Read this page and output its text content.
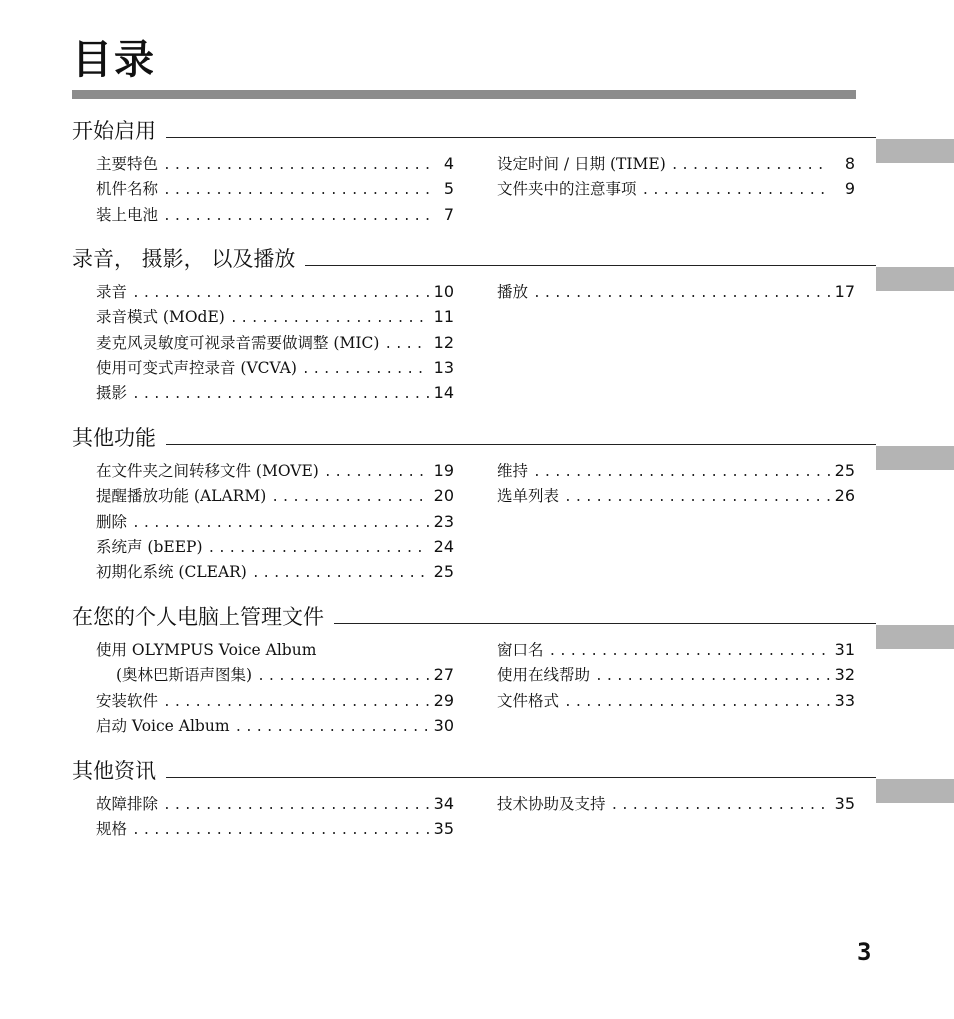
目录
开始启用
主要特色 .....	4
机件名称 .....	5
装上电池 .....	7
设定时间 / 日期 (TIME) .....	8
文件夹中的注意事项 .....	9
录音， 摄影， 以及播放
录音 .....	10
录音模式 (MOdE) .....	11
麦克风灵敏度可视录音需要做调整 (MIC) .....	12
使用可变式声控录音 (VCVA) .....	13
摄影 .....	14
播放 .....	17
其他功能
在文件夹之间转移文件 (MOVE) .....	19
提醒播放功能 (ALARM) .....	20
删除 .....	23
系统声 (bEEP) .....	24
初期化系统 (CLEAR) .....	25
维持 .....	25
选单列表 .....	26
在您的个人电脑上管理文件
使用 OLYMPUS Voice Album
(奥林巴斯语声图集) .....	27
安装软件 .....	29
启动 Voice Album .....	30
窗口名 .....	31
使用在线帮助 .....	32
文件格式 .....	33
其他资讯
故障排除 .....	34
规格 .....	35
技术协助及支持 .....	35
3
